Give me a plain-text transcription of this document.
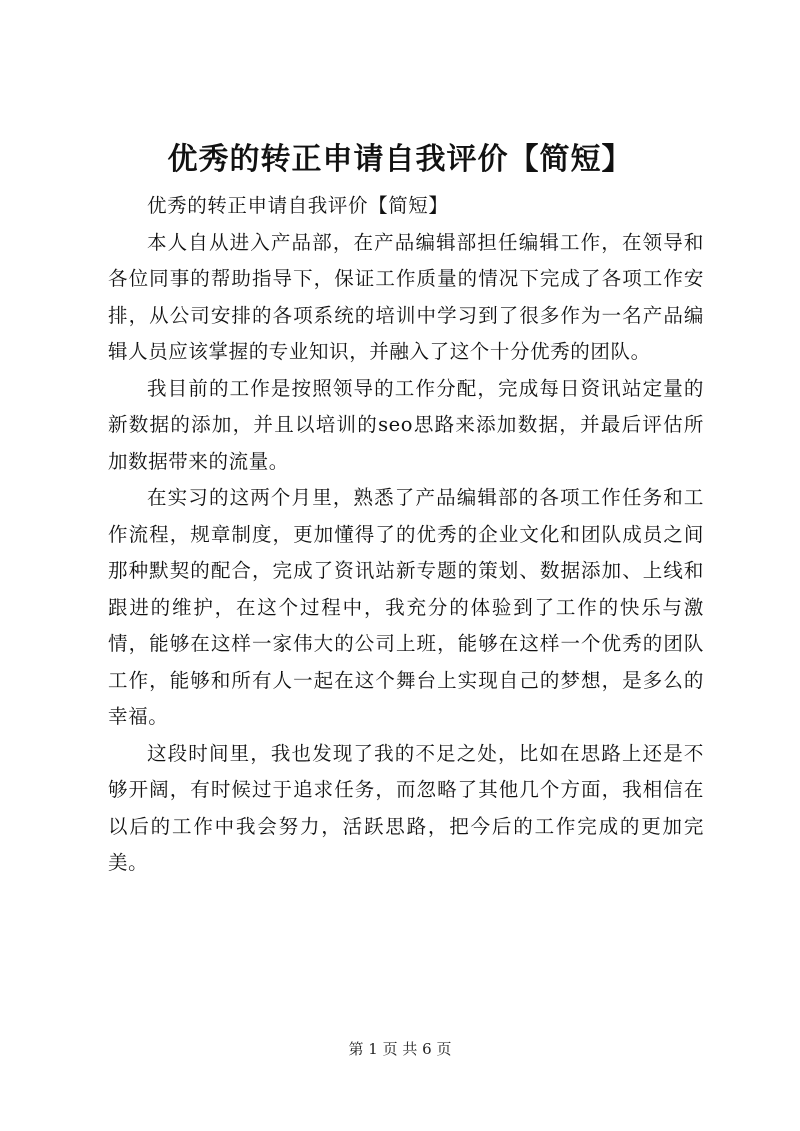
优秀的转正申请自我评价【简短】

优秀的转正申请自我评价【简短】

本人自从进入产品部，在产品编辑部担任编辑工作，在领导和各位同事的帮助指导下，保证工作质量的情况下完成了各项工作安排，从公司安排的各项系统的培训中学习到了很多作为一名产品编辑人员应该掌握的专业知识，并融入了这个十分优秀的团队。

我目前的工作是按照领导的工作分配，完成每日资讯站定量的新数据的添加，并且以培训的seo思路来添加数据，并最后评估所加数据带来的流量。

在实习的这两个月里，熟悉了产品编辑部的各项工作任务和工作流程，规章制度，更加懂得了的优秀的企业文化和团队成员之间那种默契的配合，完成了资讯站新专题的策划、数据添加、上线和跟进的维护，在这个过程中，我充分的体验到了工作的快乐与激情，能够在这样一家伟大的公司上班，能够在这样一个优秀的团队工作，能够和所有人一起在这个舞台上实现自己的梦想，是多么的幸福。

这段时间里，我也发现了我的不足之处，比如在思路上还是不够开阔，有时候过于追求任务，而忽略了其他几个方面，我相信在以后的工作中我会努力，活跃思路，把今后的工作完成的更加完美。

第 1 页 共 6 页
